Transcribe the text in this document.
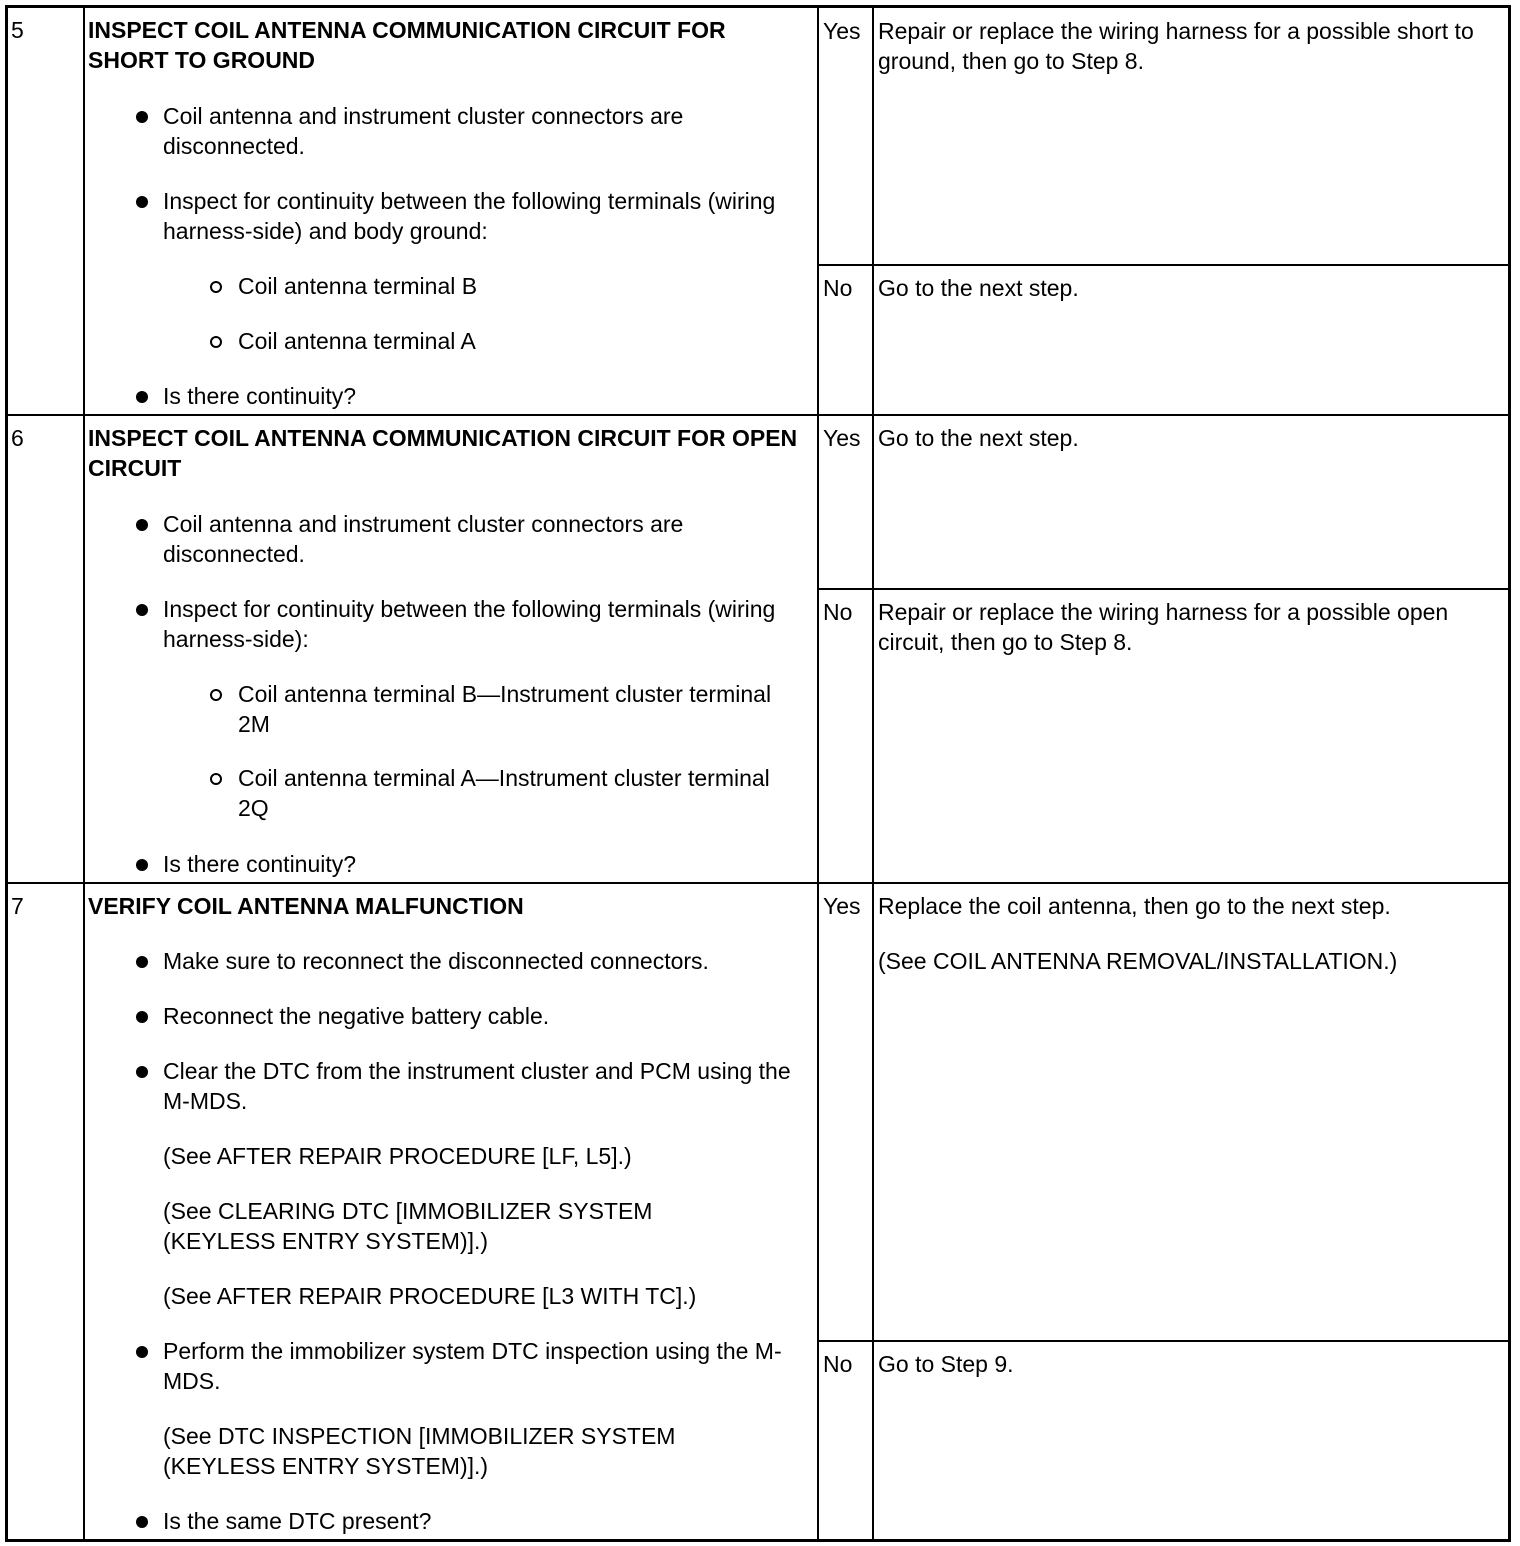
5	INSPECT COIL ANTENNA COMMUNICATION CIRCUIT FOR SHORT TO GROUND
Coil antenna and instrument cluster connectors are disconnected.
Inspect for continuity between the following terminals (wiring harness-side) and body ground:
Coil antenna terminal B
Coil antenna terminal A
Is there continuity?
Yes Repair or replace the wiring harness for a possible short to ground, then go to Step 8.
No	Go to the next step.
6	INSPECT COIL ANTENNA COMMUNICATION CIRCUIT FOR OPEN CIRCUIT
Coil antenna and instrument cluster connectors are disconnected.
Inspect for continuity between the following terminals (wiring harness-side):
Coil antenna terminal B—Instrument cluster terminal 2M
Coil antenna terminal A—Instrument cluster terminal 2Q
Is there continuity?
Yes Go to the next step.
No	Repair or replace the wiring harness for a possible open circuit, then go to Step 8.
7	VERIFY COIL ANTENNA MALFUNCTION
Make sure to reconnect the disconnected connectors.
Reconnect the negative battery cable.
Clear the DTC from the instrument cluster and PCM using the M-MDS.
(See AFTER REPAIR PROCEDURE [LF, L5].)
(See CLEARING DTC [IMMOBILIZER SYSTEM (KEYLESS ENTRY SYSTEM)].)
(See AFTER REPAIR PROCEDURE [L3 WITH TC].)
Perform the immobilizer system DTC inspection using the M-MDS.
(See DTC INSPECTION [IMMOBILIZER SYSTEM (KEYLESS ENTRY SYSTEM)].)
Is the same DTC present?
Yes Replace the coil antenna, then go to the next step.
(See COIL ANTENNA REMOVAL/INSTALLATION.)
No	Go to Step 9.
